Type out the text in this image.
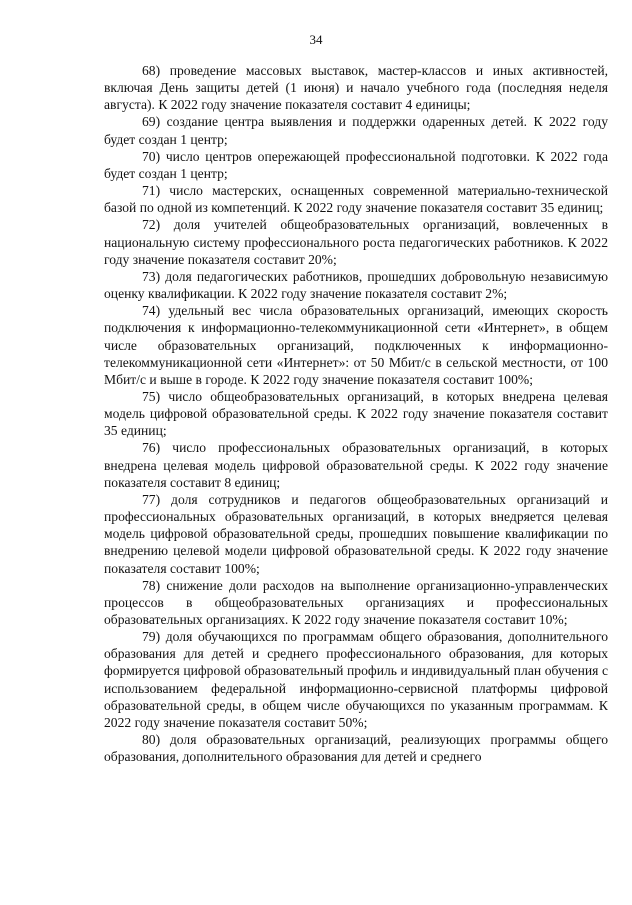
34

68) проведение массовых выставок, мастер-классов и иных активностей, включая День защиты детей (1 июня) и начало учебного года (последняя неделя августа). К 2022 году значение показателя составит 4 единицы;

69) создание центра выявления и поддержки одаренных детей. К 2022 году будет создан 1 центр;

70) число центров опережающей профессиональной подготовки. К 2022 года будет создан 1 центр;

71) число мастерских, оснащенных современной материально-технической базой по одной из компетенций. К 2022 году значение показателя составит 35 единиц;

72) доля учителей общеобразовательных организаций, вовлеченных в национальную систему профессионального роста педагогических работников. К 2022 году значение показателя составит 20%;

73) доля педагогических работников, прошедших добровольную независимую оценку квалификации. К 2022 году значение показателя составит 2%;

74) удельный вес числа образовательных организаций, имеющих скорость подключения к информационно-телекоммуникационной сети «Интернет», в общем числе образовательных организаций, подключенных к информационно-телекоммуникационной сети «Интернет»: от 50 Мбит/с в сельской местности, от 100 Мбит/с и выше в городе. К 2022 году значение показателя составит 100%;

75) число общеобразовательных организаций, в которых внедрена целевая модель цифровой образовательной среды. К 2022 году значение показателя составит 35 единиц;

76) число профессиональных образовательных организаций, в которых внедрена целевая модель цифровой образовательной среды. К 2022 году значение показателя составит 8 единиц;

77) доля сотрудников и педагогов общеобразовательных организаций и профессиональных образовательных организаций, в которых внедряется целевая модель цифровой образовательной среды, прошедших повышение квалификации по внедрению целевой модели цифровой образовательной среды. К 2022 году значение показателя составит 100%;

78) снижение доли расходов на выполнение организационно-управленческих процессов в общеобразовательных организациях и профессиональных образовательных организациях. К 2022 году значение показателя составит 10%;

79) доля обучающихся по программам общего образования, дополнительного образования для детей и среднего профессионального образования, для которых формируется цифровой образовательный профиль и индивидуальный план обучения с использованием федеральной информационно-сервисной платформы цифровой образовательной среды, в общем числе обучающихся по указанным программам. К 2022 году значение показателя составит 50%;

80) доля образовательных организаций, реализующих программы общего образования, дополнительного образования для детей и среднего
